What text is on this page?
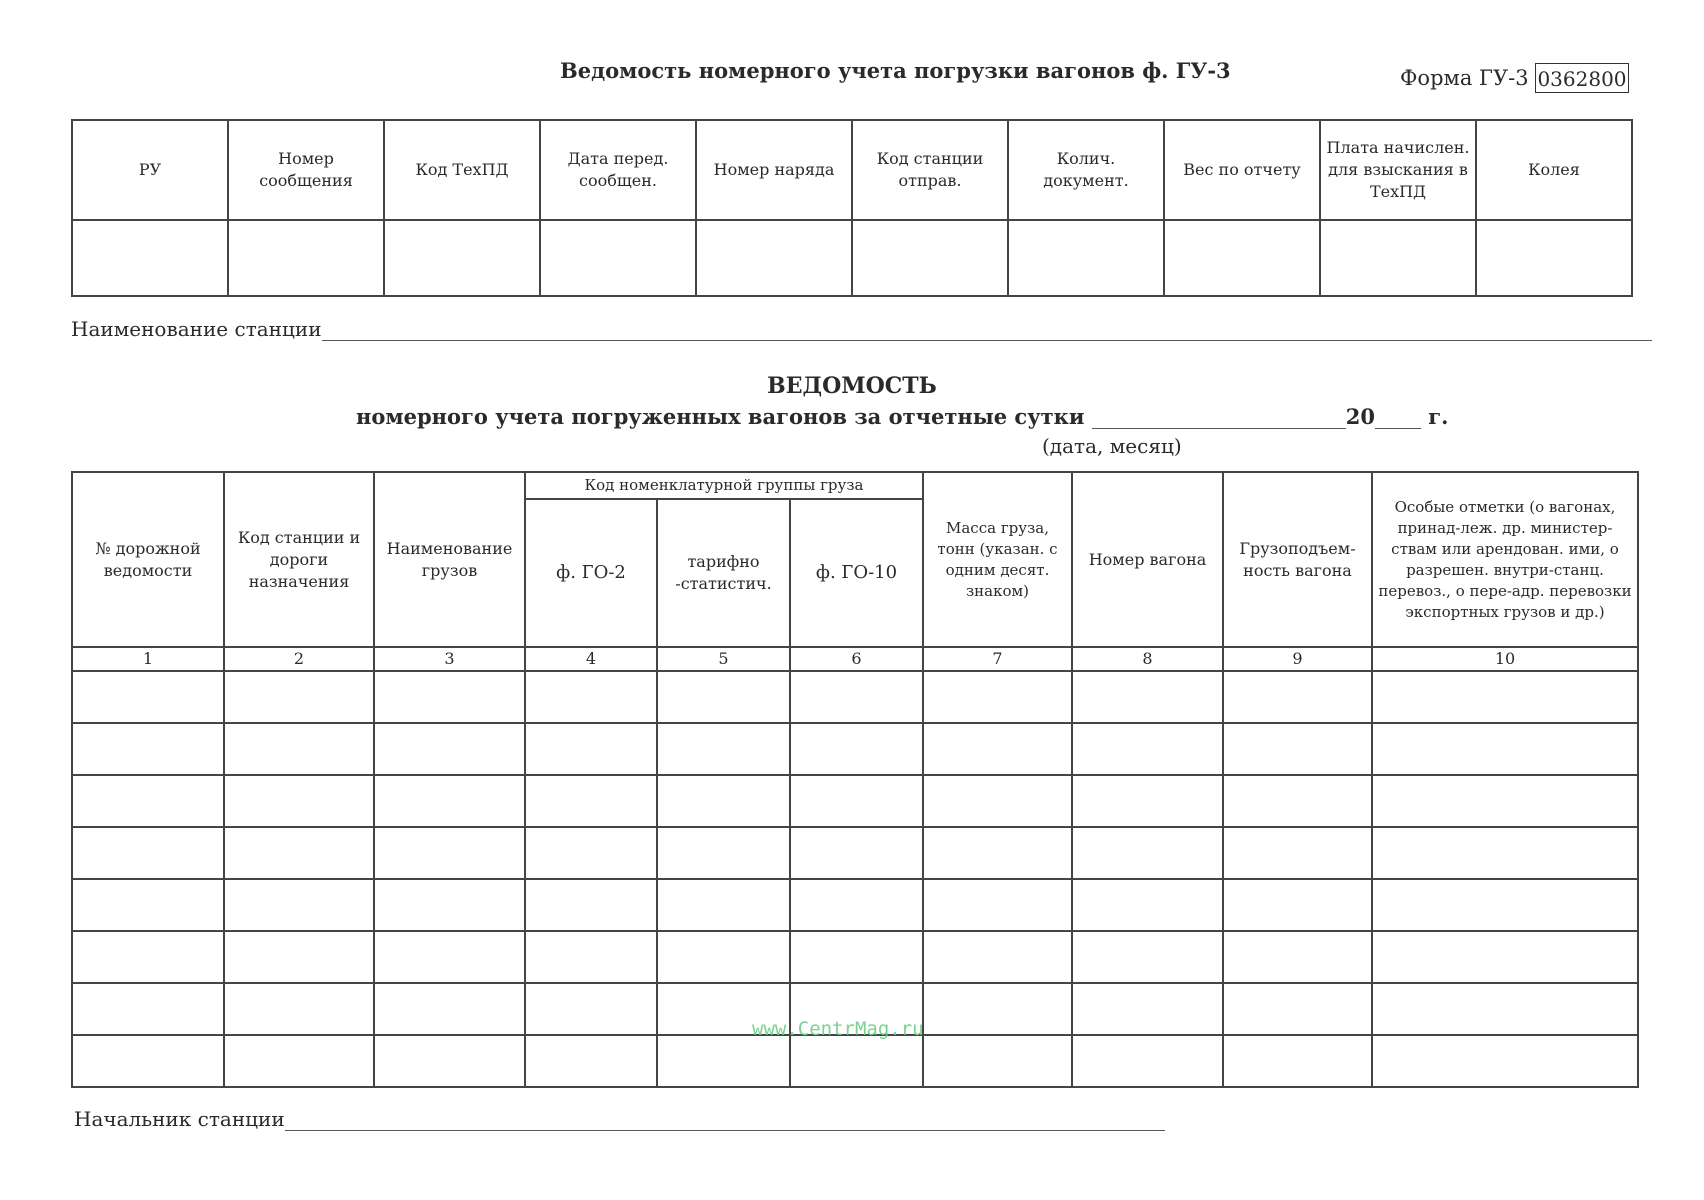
Ведомость номерного учета погрузки вагонов ф. ГУ-3	Форма ГУ-3 0362800
РУ	Номер сообщения	Код ТехПД	Дата перед. сообщен.	Номер наряда	Код станции отправ.	Колич. документ.	Вес по отчету	Плата начислен. для взыскания в ТехПД	Колея

Наименование станции
ВЕДОМОСТЬ
номерного учета погруженных вагонов за отчетные сутки	20	г.
(дата, месяц)
№ дорожной ведомости	Код станции и дороги назначения	Наименование грузов	Код номенклатурной группы груза			Масса груза, тонн (указан. с одним десят. знаком)	Номер вагона	Грузоподъем-ность вагона	Особые отметки (о вагонах, принад-леж. др. министер-ствам или арендован. ими, о разрешен. внутри-станц. перевоз., о пере-адр. перевозки экспортных грузов и др.)
			ф. ГО-2	тарифно -статистич.	ф. ГО-10				
1	2	3	4	5	6	7	8	9	10

www.CentrMag.ru
Начальник станции
